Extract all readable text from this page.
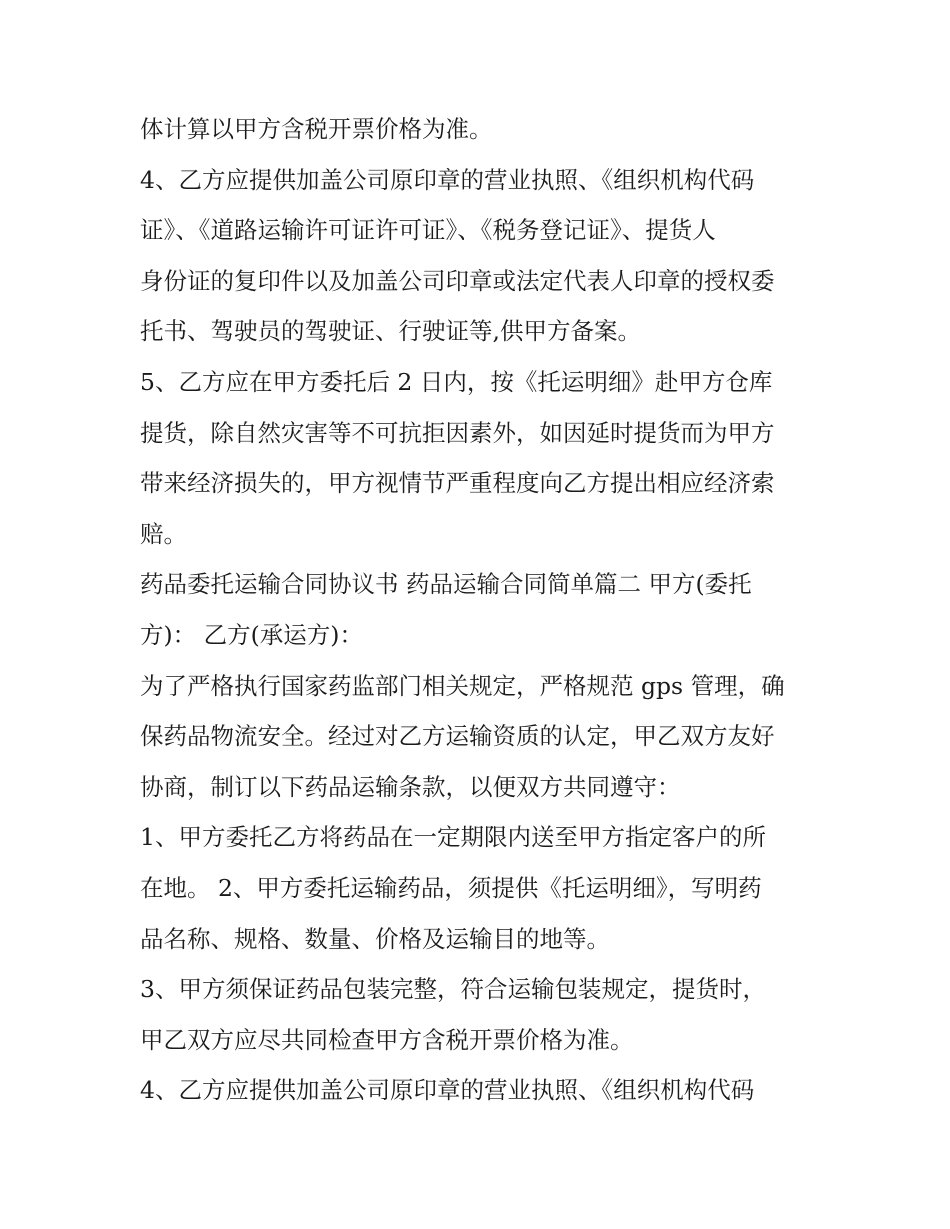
体计算以甲方含税开票价格为准。
4、乙方应提供加盖公司原印章的营业执照、《组织机构代码
证》、《道路运输许可证许可证》、《税务登记证》、提货人
身份证的复印件以及加盖公司印章或法定代表人印章的授权委
托书、驾驶员的驾驶证、行驶证等,供甲方备案。
5、乙方应在甲方委托后 2 日内，按《托运明细》赴甲方仓库
提货，除自然灾害等不可抗拒因素外，如因延时提货而为甲方
带来经济损失的，甲方视情节严重程度向乙方提出相应经济索
赔。
药品委托运输合同协议书 药品运输合同简单篇二 甲方(委托
方)： 乙方(承运方)：
为了严格执行国家药监部门相关规定，严格规范 gps 管理，确
保药品物流安全。经过对乙方运输资质的认定，甲乙双方友好
协商，制订以下药品运输条款，以便双方共同遵守：
1、甲方委托乙方将药品在一定期限内送至甲方指定客户的所
在地。 2、甲方委托运输药品，须提供《托运明细》，写明药
品名称、规格、数量、价格及运输目的地等。
3、甲方须保证药品包装完整，符合运输包装规定，提货时，
甲乙双方应尽共同检查甲方含税开票价格为准。
4、乙方应提供加盖公司原印章的营业执照、《组织机构代码
